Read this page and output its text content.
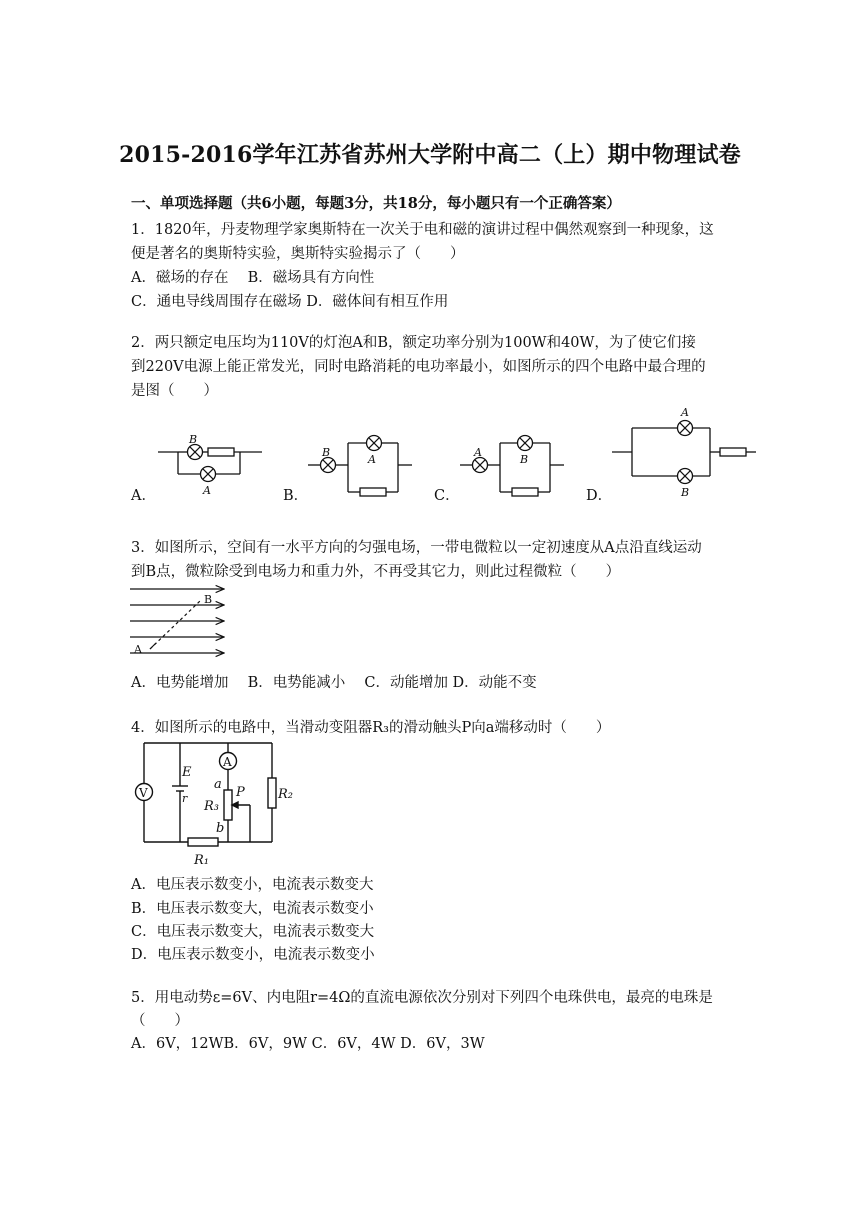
2015-2016学年江苏省苏州大学附中高二（上）期中物理试卷
一、单项选择题（共6小题，每题3分，共18分，每小题只有一个正确答案）
1．1820年，丹麦物理学家奥斯特在一次关于电和磁的演讲过程中偶然观察到一种现象，这
便是著名的奥斯特实验，奥斯特实验揭示了（　　）
A．磁场的存在　 B．磁场具有方向性
C．通电导线周围存在磁场 D．磁体间有相互作用
2．两只额定电压均为110V的灯泡A和B，额定功率分别为100W和40W，为了使它们接
到220V电源上能正常发光，同时电路消耗的电功率最小，如图所示的四个电路中最合理的
是图（　　）
A．	B．	C．	D．
B
A
B
A
A
B
A
B
3．如图所示，空间有一水平方向的匀强电场，一带电微粒以一定初速度从A点沿直线运动
到B点，微粒除受到电场力和重力外，不再受其它力，则此过程微粒（　　）
A
B
A．电势能增加　 B．电势能减小　 C．动能增加 D．动能不变
4．如图所示的电路中，当滑动变阻器R₃的滑动触头P向a端移动时（　　）
V
A
E
r
a
b
P
R₃
R₂
R₁
A．电压表示数变小，电流表示数变大
B．电压表示数变大，电流表示数变小
C．电压表示数变大，电流表示数变大
D．电压表示数变小，电流表示数变小
5．用电动势ε=6V、内电阻r=4Ω的直流电源依次分别对下列四个电珠供电，最亮的电珠是
（　　）
A．6V，12WB．6V，9W C．6V，4W D．6V，3W
